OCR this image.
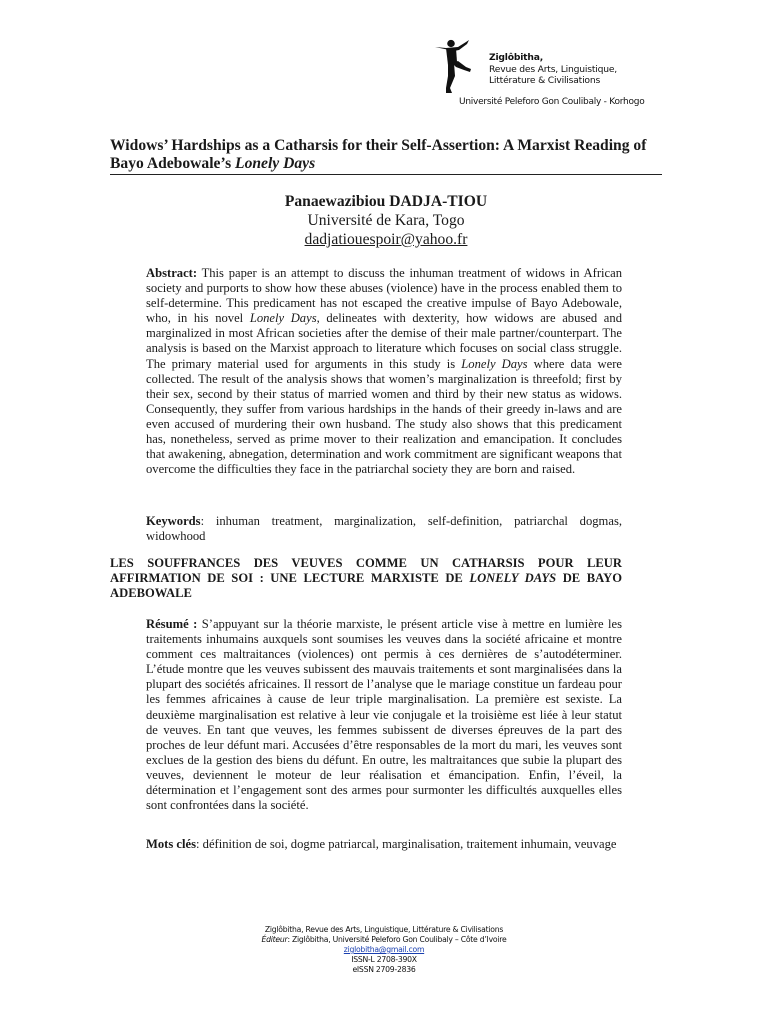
Ziglôbitha,
Revue des Arts, Linguistique,
Littérature & Civilisations
Université Peleforo Gon Coulibaly - Korhogo
Widows’ Hardships as a Catharsis for their Self-Assertion: A Marxist Reading of Bayo Adebowale’s Lonely Days
Panaewazibiou DADJA-TIOU
Université de Kara, Togo
dadjatiouespoir@yahoo.fr
Abstract: This paper is an attempt to discuss the inhuman treatment of widows in African society and purports to show how these abuses (violence) have in the process enabled them to self-determine. This predicament has not escaped the creative impulse of Bayo Adebowale, who, in his novel Lonely Days, delineates with dexterity, how widows are abused and marginalized in most African societies after the demise of their male partner/counterpart. The analysis is based on the Marxist approach to literature which focuses on social class struggle. The primary material used for arguments in this study is Lonely Days where data were collected. The result of the analysis shows that women’s marginalization is threefold; first by their sex, second by their status of married women and third by their new status as widows. Consequently, they suffer from various hardships in the hands of their greedy in-laws and are even accused of murdering their own husband. The study also shows that this predicament has, nonetheless, served as prime mover to their realization and emancipation. It concludes that awakening, abnegation, determination and work commitment are significant weapons that overcome the difficulties they face in the patriarchal society they are born and raised.
Keywords: inhuman treatment, marginalization, self-definition, patriarchal dogmas, widowhood
LES SOUFFRANCES DES VEUVES COMME UN CATHARSIS POUR LEUR AFFIRMATION DE SOI : UNE LECTURE MARXISTE DE LONELY DAYS DE BAYO ADEBOWALE
Résumé : S’appuyant sur la théorie marxiste, le présent article vise à mettre en lumière les traitements inhumains auxquels sont soumises les veuves dans la société africaine et montre comment ces maltraitances (violences) ont permis à ces dernières de s’autodéterminer. L’étude montre que les veuves subissent des mauvais traitements et sont marginalisées dans la plupart des sociétés africaines. Il ressort de l’analyse que le mariage constitue un fardeau pour les femmes africaines à cause de leur triple marginalisation. La première est sexiste. La deuxième marginalisation est relative à leur vie conjugale et la troisième est liée à leur statut de veuves. En tant que veuves, les femmes subissent de diverses épreuves de la part des proches de leur défunt mari. Accusées d’être responsables de la mort du mari, les veuves sont exclues de la gestion des biens du défunt. En outre, les maltraitances que subie la plupart des veuves, deviennent le moteur de leur réalisation et émancipation. Enfin, l’éveil, la détermination et l’engagement sont des armes pour surmonter les difficultés auxquelles elles sont confrontées dans la société.
Mots clés: définition de soi, dogme patriarcal, marginalisation, traitement inhumain, veuvage
Ziglôbitha, Revue des Arts, Linguistique, Littérature & Civilisations
Éditeur: Ziglôbitha, Université Peleforo Gon Coulibaly – Côte d’Ivoire
ziglobitha@gmail.com
ISSN-L 2708-390X
eISSN 2709-2836
